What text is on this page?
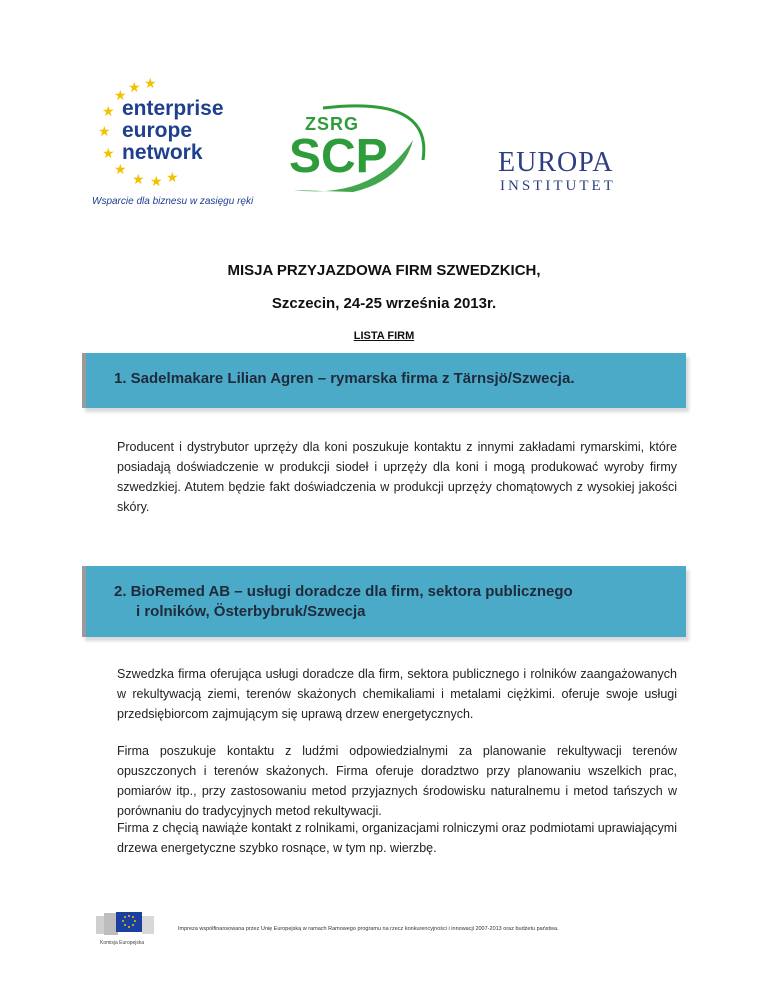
★ ★
★
★
★
★
★
★ ★ ★
enterprise
europe
network
Wsparcie dla biznesu w zasięgu ręki
ZSRG
SCP	EUROPA
INSTITUTET
MISJA PRZYJAZDOWA FIRM SZWEDZKICH,
Szczecin, 24-25 września 2013r.
LISTA FIRM
1. Sadelmakare Lilian Agren – rymarska firma z Tärnsjö/Szwecja.
Producent i dystrybutor uprzęży dla koni poszukuje kontaktu z innymi zakładami rymarskimi, które posiadają doświadczenie w produkcji siodeł i uprzęży dla koni i mogą produkować wyroby firmy szwedzkiej. Atutem będzie fakt doświadczenia w produkcji uprzęży chomątowych z wysokiej jakości skóry.
2. BioRemed AB – usługi doradcze dla firm, sektora publicznego
i rolników, Österbybruk/Szwecja
Szwedzka firma oferująca usługi doradcze dla firm, sektora publicznego i rolników zaangażowanych w rekultywacją ziemi, terenów skażonych chemikaliami i metalami ciężkimi. oferuje swoje usługi przedsiębiorcom zajmującym się uprawą drzew energetycznych.
Firma poszukuje kontaktu z ludźmi odpowiedzialnymi za planowanie rekultywacji terenów opuszczonych i terenów skażonych. Firma oferuje doradztwo przy planowaniu wszelkich prac, pomiarów itp., przy zastosowaniu metod przyjaznych środowisku naturalnemu i metod tańszych w porównaniu do tradycyjnych metod rekultywacji.
Firma z chęcią nawiąże kontakt z rolnikami, organizacjami rolniczymi oraz podmiotami uprawiającymi drzewa energetyczne szybko rosnące, w tym np. wierzbę.
Komisja Europejska
Impreza współfinansowana przez Unię Europejską w ramach Ramowego programu na rzecz konkurencyjności i innowacji 2007-2013 oraz budżetu państwa.
